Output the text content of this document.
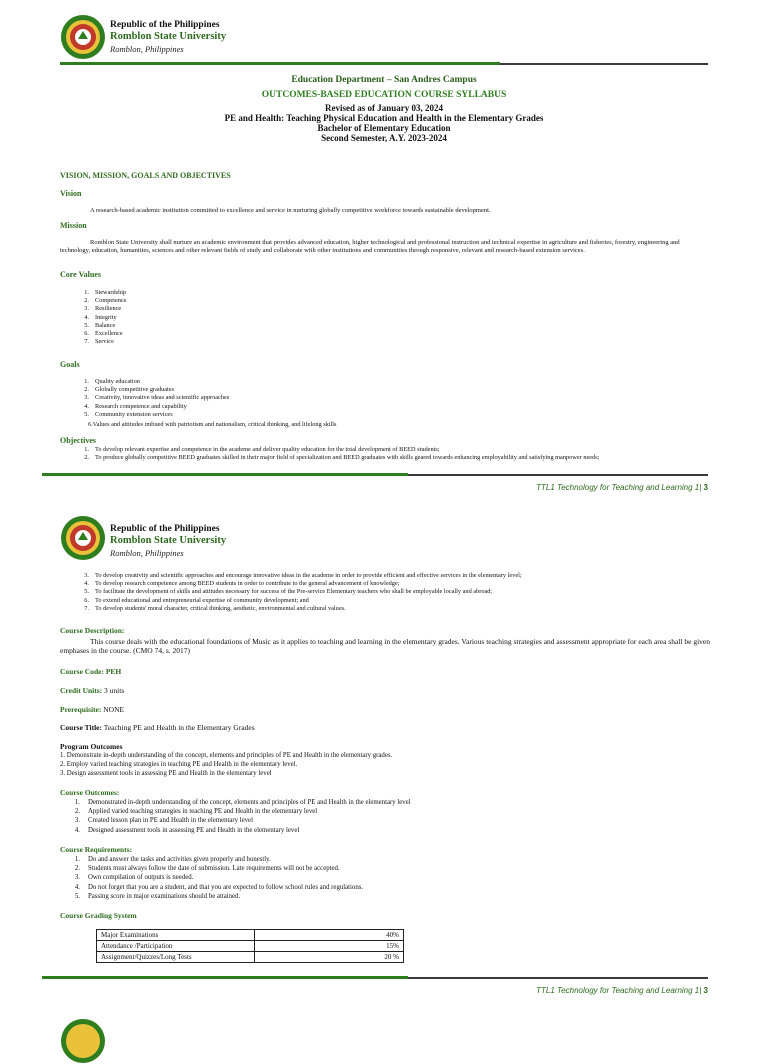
Republic of the Philippines
Romblon State University
Romblon, Philippines
Education Department – San Andres Campus
OUTCOMES-BASED EDUCATION COURSE SYLLABUS
Revised as of January 03, 2024
PE and Health: Teaching Physical Education and Health in the Elementary Grades
Bachelor of Elementary Education
Second Semester, A.Y. 2023-2024
VISION, MISSION, GOALS AND OBJECTIVES
Vision
A research-based academic institution committed to excellence and service in nurturing globally competitive workforce towards sustainable development.
Mission
Romblon State University shall nurture an academic environment that provides advanced education, higher technological and professional instruction and technical expertise in agriculture and fisheries, forestry, engineering and technology, education, humanities, sciences and other relevant fields of study and collaborate with other institutions and communities through responsive, relevant and research-based extension services.
Core Values
1. Stewardship
2. Competence
3. Resilience
4. Integrity
5. Balance
6. Excellence
7. Service
Goals
1. Quality education
2. Globally competitive graduates
3. Creativity, innovative ideas and scientific approaches
4. Research competence and capability
5. Community extension services
6.Values and attitudes imbued with patriotism and nationalism, critical thinking, and lifelong skills
Objectives
1. To develop relevant expertise and competence in the academe and deliver quality education for the total development of BEED students;
2. To produce globally competitive BEED graduates skilled in their major field of specialization and BEED graduates with skills geared towards enhancing employability and satisfying manpower needs;
TTL1 Technology for Teaching and Learning 1| 3
Republic of the Philippines
Romblon State University
Romblon, Philippines
3. To develop creativity and scientific approaches and encourage innovative ideas in the academe in order to provide efficient and effective services in the elementary level;
4. To develop research competence among BEED students in order to contribute to the general advancement of knowledge;
5. To facilitate the development of skills and attitudes necessary for success of the Pre-service Elementary teachers who shall be employable locally and abroad;
6. To extend educational and entrepreneurial expertise of community development; and
7. To develop students' moral character, critical thinking, aesthetic, environmental and cultural values.
Course Description:
This course deals with the educational foundations of Music as it applies to teaching and learning in the elementary grades. Various teaching strategies and assessment appropriate for each area shall be given emphases in the course. (CMO 74, s. 2017)
Course Code: PEH
Credit Units: 3 units
Prerequisite: NONE
Course Title: Teaching PE and Health in the Elementary Grades
Program Outcomes
1. Demonstrate in-depth understanding of the concept, elements and principles of PE and Health in the elementary grades.
2. Employ varied teaching strategies in teaching PE and Health in the elementary level.
3. Design assessment tools in assessing PE and Health in the elementary level
Course Outcomes:
1. Demonstrated in-depth understanding of the concept, elements and principles of PE and Health in the elementary level
2. Applied varied teaching strategies in teaching PE and Health in the elementary level
3. Created lesson plan in PE and Health in the elementary level
4. Designed assessment tools in assessing PE and Health in the elementary level
Course Requirements:
1. Do and answer the tasks and activities given properly and honestly.
2. Students must always follow the date of submission. Late requirements will not be accepted.
3. Own compilation of outputs is needed.
4. Do not forget that you are a student, and that you are expected to follow school rules and regulations.
5. Passing score in major examinations should be attained.
Course Grading System
Major Examinations	40%
Attendance /Participation	15%
Assignment/Quizzes/Long Tests	20 %
TTL1 Technology for Teaching and Learning 1| 3
